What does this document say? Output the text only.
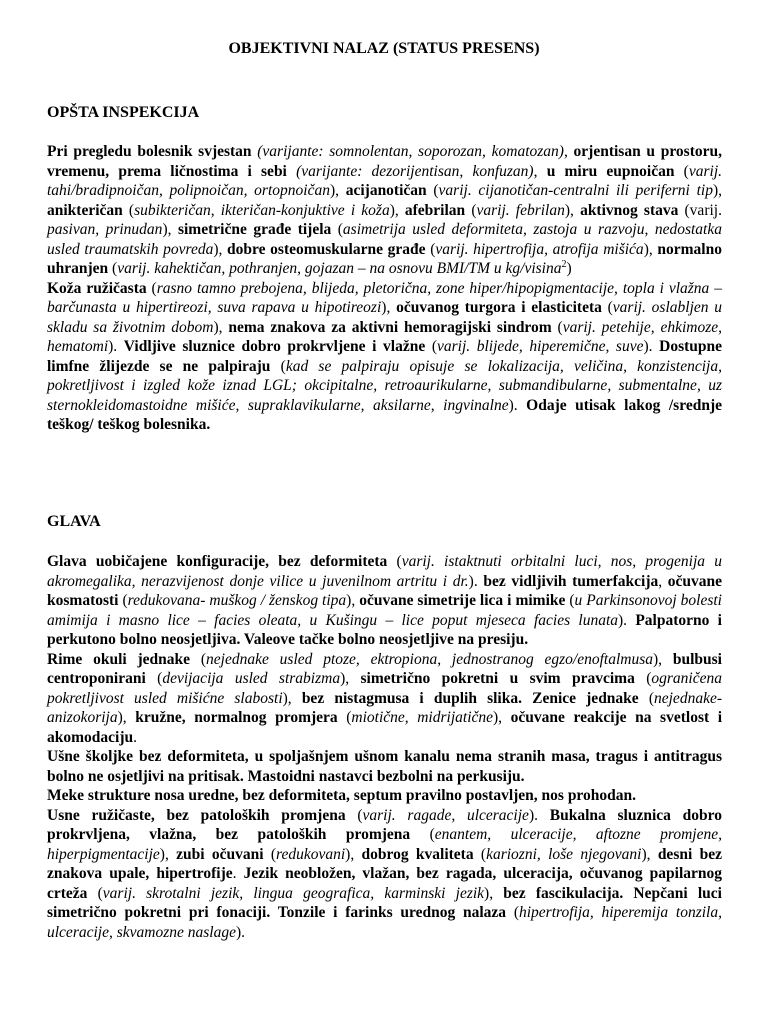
OBJEKTIVNI NALAZ (STATUS PRESENS)
OPŠTA INSPEKCIJA

Pri pregledu bolesnik svjestan (varijante: somnolentan, soporozan, komatozan), orjentisan u prostoru, vremenu, prema ličnostima i sebi (varijante: dezorijentisan, konfuzan), u miru eupnoičan (varij. tahi/bradipnoičan, polipnoičan, ortopnoičan), acijanotičan (varij. cijanotičan-centralni ili periferni tip), anikteričan (subikteričan, ikteričan-konjuktive i koža), afebrilan (varij. febrilan), aktivnog stava (varij. pasivan, prinudan), simetrične građe tijela (asimetrija usled deformiteta, zastoja u razvoju, nedostatka usled traumatskih povreda), dobre osteomuskularne građe (varij. hipertrofija, atrofija mišića), normalno uhranjen (varij. kahektičan, pothranjen, gojazan – na osnovu BMI/TM u kg/visina$^2$)

Koža ružičasta (rasno tamno prebojena, blijeda, pletorična, zone hiper/hipopigmentacije, topla i vlažna – barčunasta u hipertireozi, suva rapava u hipotireozi), očuvanog turgora i elasticiteta (varij. oslabljen u skladu sa životnim dobom), nema znakova za aktivni hemoragijski sindrom (varij. petehije, ehkimoze, hematomi). Vidljive sluznice dobro prokrvljene i vlažne (varij. blijede, hiperemične, suve). Dostupne limfne žlijezde se ne palpiraju (kad se palpiraju opisuje se lokalizacija, veličina, konzistencija, pokretljivost i izgled kože iznad LGL; okcipitalne, retroaurikularne, submandibularne, submentalne, uz sternokleidomastoidne mišiće, supraklavikularne, aksilarne, ingvinalne). Odaje utisak lakog /srednje teškog/ teškog bolesnika.

GLAVA

Glava uobičajene konfiguracije, bez deformiteta (varij. istaktnuti orbitalni luci, nos, progenija u akromegalika, nerazvijenost donje vilice u juvenilnom artritu i dr.). bez vidljivih tumerfakcija, očuvane kosmatosti (redukovana- muškog / ženskog tipa), očuvane simetrije lica i mimike (u Parkinsonovoj bolesti amimija i masno lice – facies oleata, u Kušingu – lice poput mjeseca facies lunata). Palpatorno i perkutono bolno neosjetljiva. Valeove tačke bolno neosjetljive na presiju.

Rime okuli jednake (nejednake usled ptoze, ektropiona, jednostranog egzo/enoftalmusa), bulbusi centroponirani (devijacija usled strabizma), simetrično pokretni u svim pravcima (ograničena pokretljivost usled mišićne slabosti), bez nistagmusa i duplih slika. Zenice jednake (nejednake-anizokorija), kružne, normalnog promjera (miotične, midrijatične), očuvane reakcije na svetlost i akomodaciju.

Ušne školjke bez deformiteta, u spoljašnjem ušnom kanalu nema stranih masa, tragus i antitragus bolno ne osjetljivi na pritisak. Mastoidni nastavci bezbolni na perkusiju.

Meke strukture nosa uredne, bez deformiteta, septum pravilno postavljen, nos prohodan.

Usne ružičaste, bez patoloških promjena (varij. ragade, ulceracije). Bukalna sluznica dobro prokrvljena, vlažna, bez patoloških promjena (enantem, ulceracije, aftozne promjene, hiperpigmentacije), zubi očuvani (redukovani), dobrog kvaliteta (kariozni, loše njegovani), desni bez znakova upale, hipertrofije. Jezik neobložen, vlažan, bez ragada, ulceracija, očuvanog papilarnog crteža (varij. skrotalni jezik, lingua geografica, karminski jezik), bez fascikulacija. Nepčani luci simetrično pokretni pri fonaciji. Tonzile i farinks urednog nalaza (hipertrofija, hiperemija tonzila, ulceracije, skvamozne naslage).
